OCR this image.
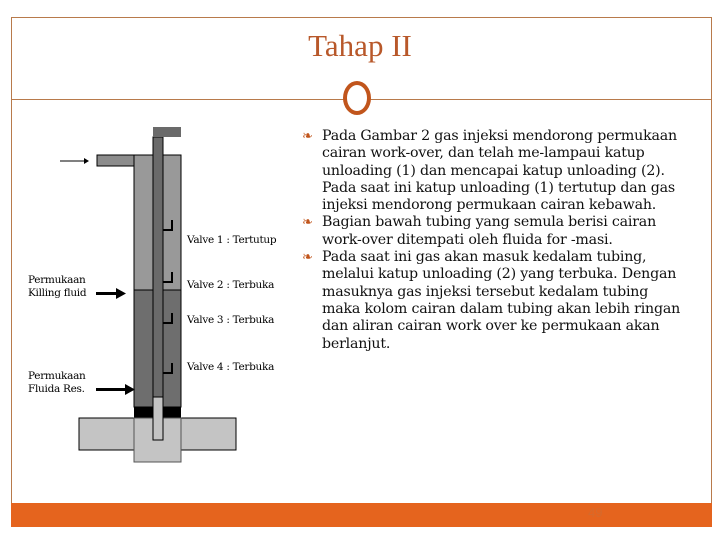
Tahap II
Valve 1 : Tertutup
Valve 2 : Terbuka
Valve 3 : Terbuka
Valve 4 : Terbuka
Permukaan
Killing fluid
Permukaan
Fluida Res.
❧ Pada Gambar 2 gas injeksi mendorong permukaan cairan work-over, dan telah me-lampaui katup unloading (1) dan mencapai katup unloading (2). Pada saat ini katup unloading (1) tertutup dan gas injeksi mendorong permukaan cairan kebawah.
❧ Bagian bawah tubing yang semula berisi cairan work-over ditempati oleh fluida for -masi.
❧ Pada saat ini gas akan masuk kedalam tubing, melalui katup unloading (2) yang terbuka. Dengan masuknya gas injeksi tersebut kedalam tubing maka kolom cairan dalam tubing akan lebih ringan dan aliran cairan work over ke permukaan akan berlanjut.
49
